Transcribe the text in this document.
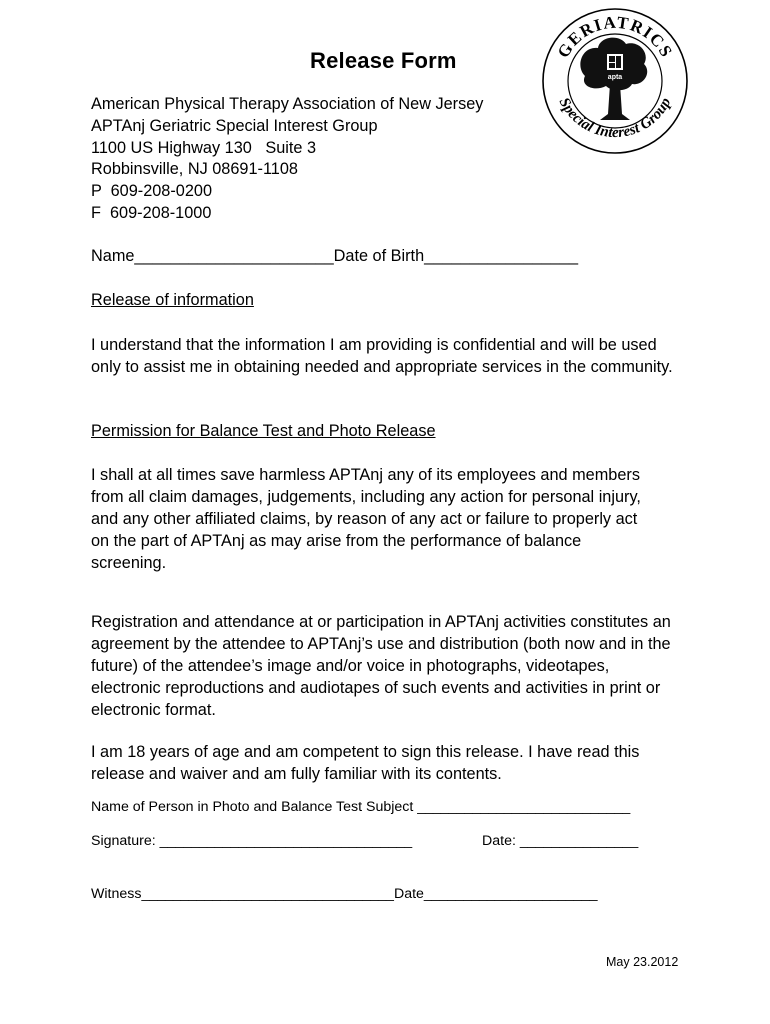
Release Form	GERIATRICS
Special Interest Group
apta
American Physical Therapy Association of New Jersey
APTAnj Geriatric Special Interest Group
1100 US Highway 130   Suite 3
Robbinsville, NJ 08691-1108
P  609-208-0200
F  609-208-1000
Name______________________Date of Birth_________________
Release of information
I understand that the information I am providing is confidential and will be used only to assist me in obtaining needed and appropriate services in the community.
Permission for Balance Test and Photo Release
I shall at all times save harmless APTAnj any of its employees and members from all claim damages, judgements, including any action for personal injury, and any other affiliated claims, by reason of any act or failure to properly act on the part of APTAnj as may arise from the performance of balance screening.
Registration and attendance at or participation in APTAnj activities constitutes an agreement by the attendee to APTAnj’s use and distribution (both now and in the future) of the attendee’s image and/or voice in photographs, videotapes, electronic reproductions and audiotapes of such events and activities in print or electronic format.
I am 18 years of age and am competent to sign this release. I have read this release and waiver and am fully familiar with its contents.
Name of Person in Photo and Balance Test Subject ___________________________
Signature: ________________________________	Date: _______________
Witness________________________________Date______________________
May 23.2012
